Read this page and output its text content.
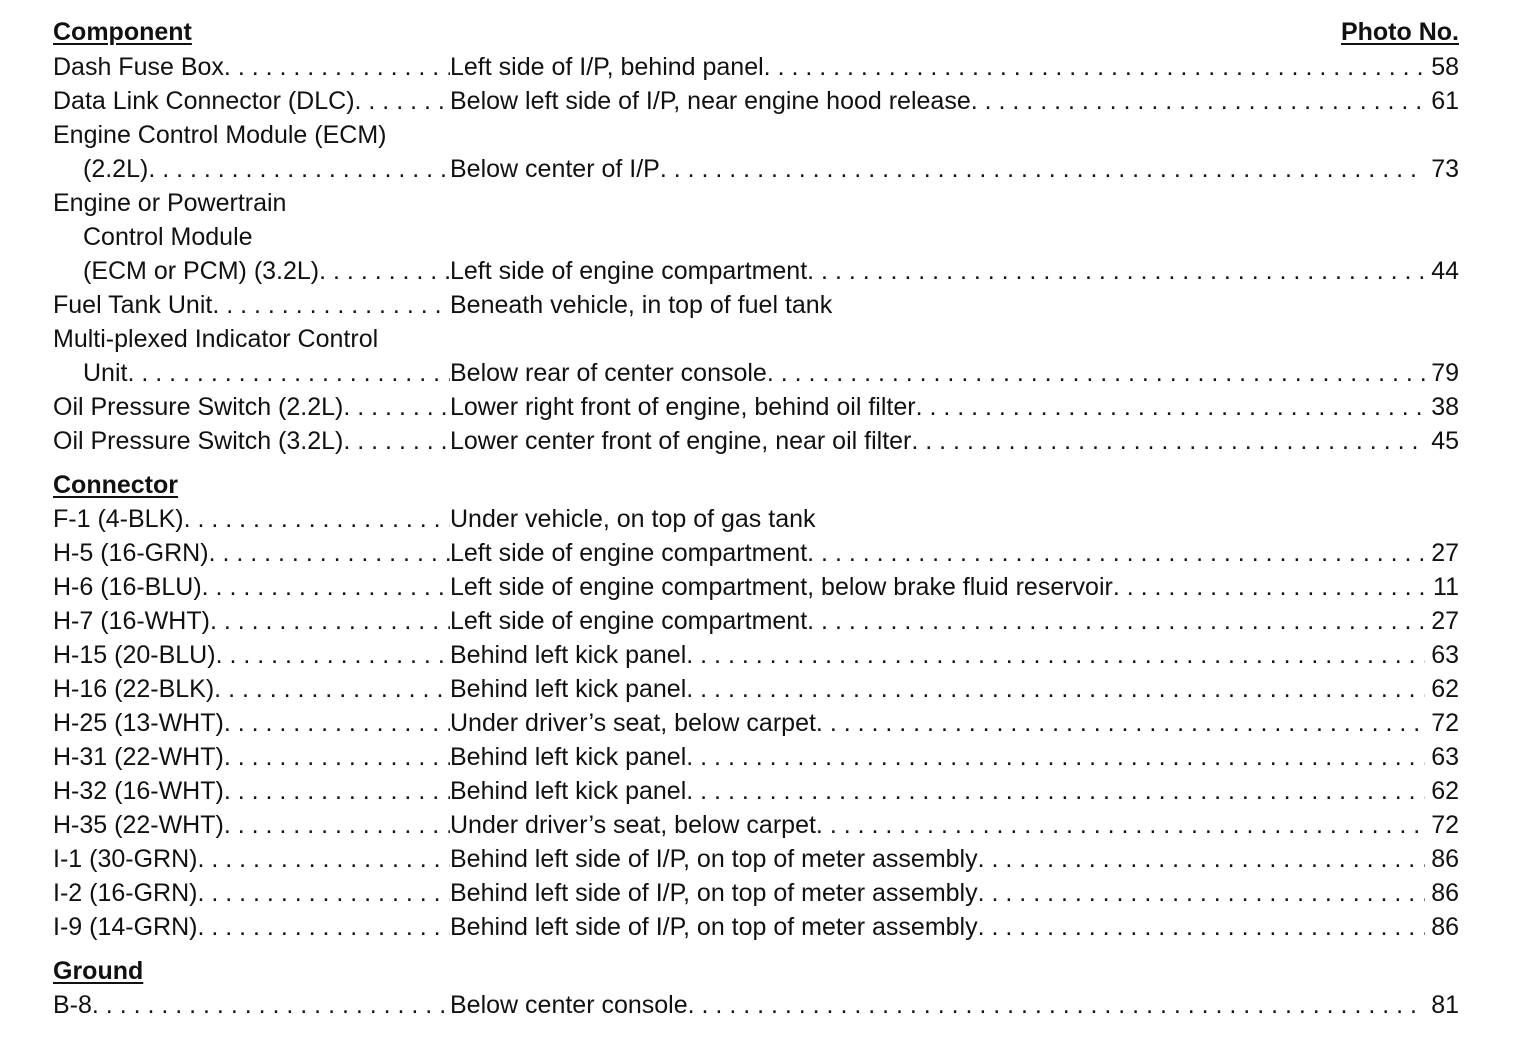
Component	Photo No.
Dash Fuse Box . . .	Left side of I/P, behind panel . . .	58
Data Link Connector (DLC) . . .	Below left side of I/P, near engine hood release . . .	61
Engine Control Module (ECM)
(2.2L) . . .	Below center of I/P . . .	73
Engine or Powertrain
Control Module
(ECM or PCM) (3.2L) . . .	Left side of engine compartment . . .	44
Fuel Tank Unit . . .	Beneath vehicle, in top of fuel tank
Multi-plexed Indicator Control
Unit . . .	Below rear of center console . . .	79
Oil Pressure Switch (2.2L) . . .	Lower right front of engine, behind oil filter . . .	38
Oil Pressure Switch (3.2L) . . .	Lower center front of engine, near oil filter . . .	45
Connector
F-1 (4-BLK) . . .	Under vehicle, on top of gas tank
H-5 (16-GRN) . . .	Left side of engine compartment . . .	27
H-6 (16-BLU) . . .	Left side of engine compartment, below brake fluid reservoir . . .	11
H-7 (16-WHT) . . .	Left side of engine compartment . . .	27
H-15 (20-BLU) . . .	Behind left kick panel . . .	63
H-16 (22-BLK) . . .	Behind left kick panel . . .	62
H-25 (13-WHT) . . .	Under driver’s seat, below carpet . . .	72
H-31 (22-WHT) . . .	Behind left kick panel . . .	63
H-32 (16-WHT) . . .	Behind left kick panel . . .	62
H-35 (22-WHT) . . .	Under driver’s seat, below carpet . . .	72
I-1 (30-GRN) . . .	Behind left side of I/P, on top of meter assembly . . .	86
I-2 (16-GRN) . . .	Behind left side of I/P, on top of meter assembly . . .	86
I-9 (14-GRN) . . .	Behind left side of I/P, on top of meter assembly . . .	86
Ground
B-8 . . .	Below center console . . .	81
